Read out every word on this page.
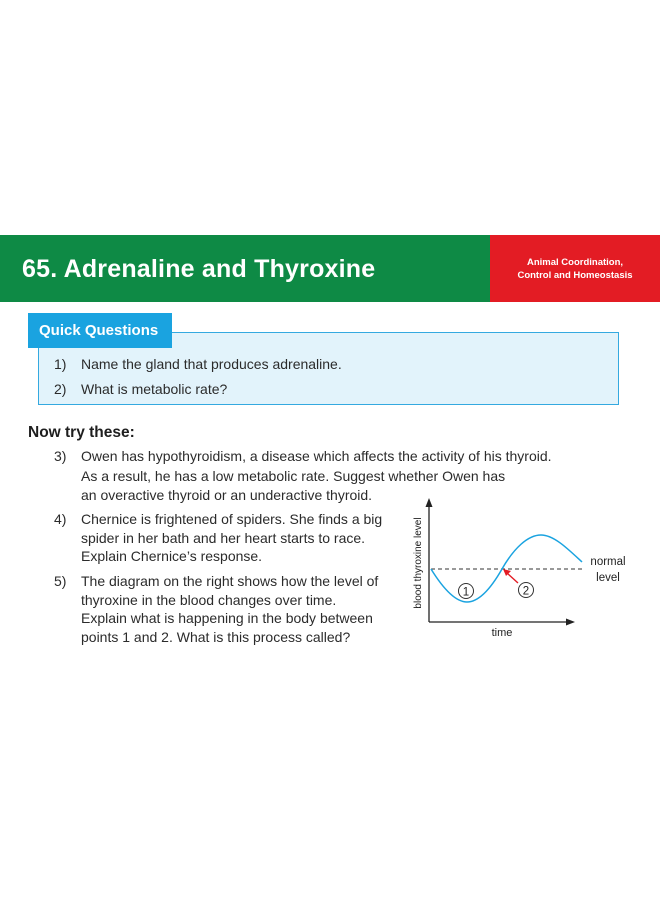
65. Adrenaline and Thyroxine	Animal Coordination,
Control and Homeostasis
Quick Questions
1) Name the gland that produces adrenaline.
2) What is metabolic rate?
Now try these:
3) Owen has hypothyroidism, a disease which affects the activity of his thyroid.
As a result, he has a low metabolic rate. Suggest whether Owen has
an overactive thyroid or an underactive thyroid.
4) Chernice is frightened of spiders. She finds a big
spider in her bath and her heart starts to race.
Explain Chernice’s response.
5) The diagram on the right shows how the level of
thyroxine in the blood changes over time.
Explain what is happening in the body between
points 1 and 2. What is this process called?
1	2
blood thyroxine level
time
normal
level
